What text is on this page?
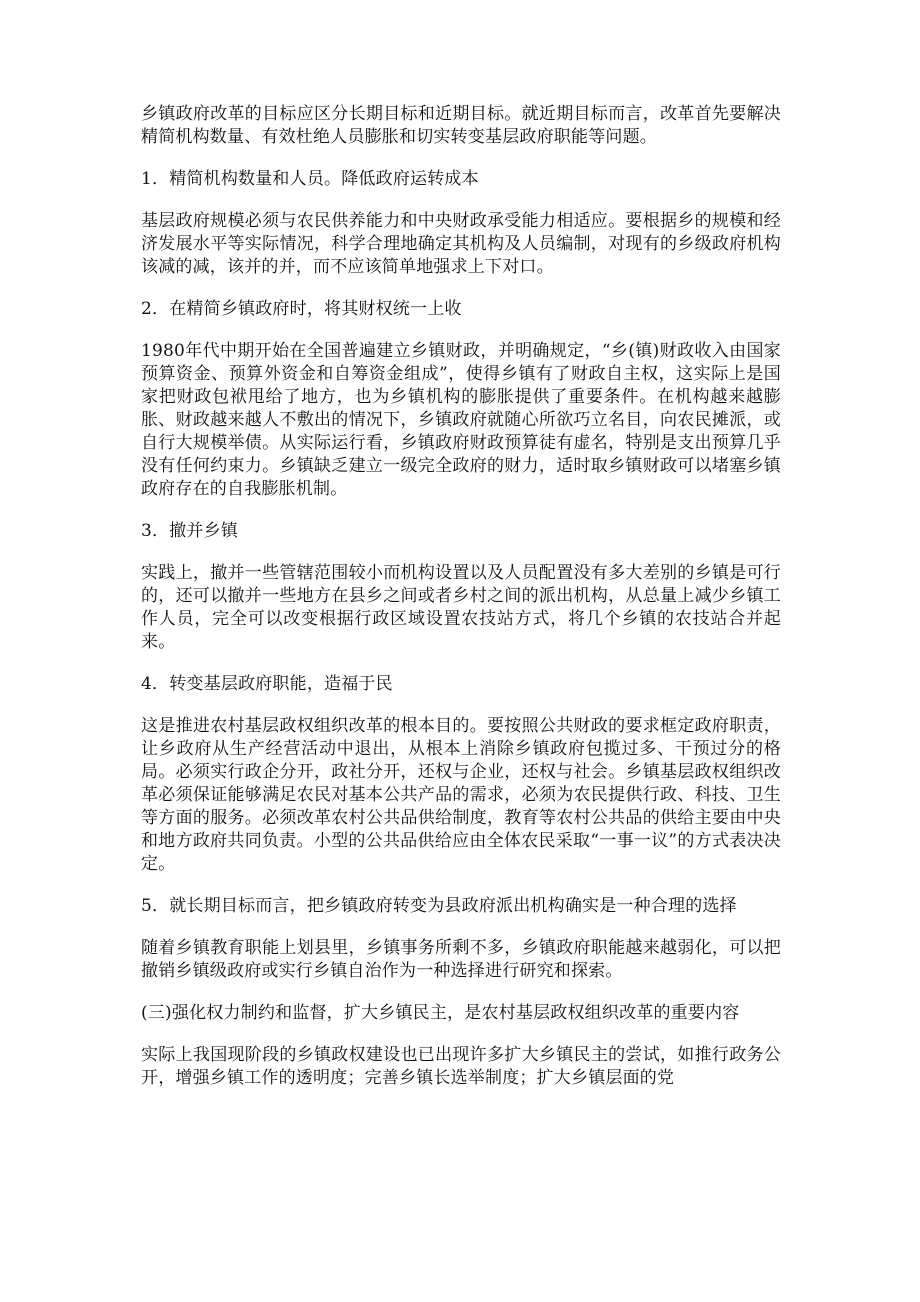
乡镇政府改革的目标应区分长期目标和近期目标。就近期目标而言，改革首先要解决精简机构数量、有效杜绝人员膨胀和切实转变基层政府职能等问题。

1．精简机构数量和人员。降低政府运转成本

基层政府规模必须与农民供养能力和中央财政承受能力相适应。要根据乡的规模和经济发展水平等实际情况，科学合理地确定其机构及人员编制，对现有的乡级政府机构该减的减，该并的并，而不应该简单地强求上下对口。

2．在精简乡镇政府时，将其财权统一上收

1980年代中期开始在全国普遍建立乡镇财政，并明确规定，“乡(镇)财政收入由国家预算资金、预算外资金和自筹资金组成”，使得乡镇有了财政自主权，这实际上是国家把财政包袱甩给了地方，也为乡镇机构的膨胀提供了重要条件。在机构越来越膨胀、财政越来越人不敷出的情况下，乡镇政府就随心所欲巧立名目，向农民摊派，或自行大规模举债。从实际运行看，乡镇政府财政预算徒有虚名，特别是支出预算几乎没有任何约束力。乡镇缺乏建立一级完全政府的财力，适时取乡镇财政可以堵塞乡镇政府存在的自我膨胀机制。

3．撤并乡镇

实践上，撤并一些管辖范围较小而机构设置以及人员配置没有多大差别的乡镇是可行的，还可以撤并一些地方在县乡之间或者乡村之间的派出机构，从总量上减少乡镇工作人员，完全可以改变根据行政区域设置农技站方式，将几个乡镇的农技站合并起来。

4．转变基层政府职能，造福于民

这是推进农村基层政权组织改革的根本目的。要按照公共财政的要求框定政府职责，让乡政府从生产经营活动中退出，从根本上消除乡镇政府包揽过多、干预过分的格局。必须实行政企分开，政社分开，还权与企业，还权与社会。乡镇基层政权组织改革必须保证能够满足农民对基本公共产品的需求，必须为农民提供行政、科技、卫生等方面的服务。必须改革农村公共品供给制度，教育等农村公共品的供给主要由中央和地方政府共同负责。小型的公共品供给应由全体农民采取“一事一议”的方式表决决定。

5．就长期目标而言，把乡镇政府转变为县政府派出机构确实是一种合理的选择

随着乡镇教育职能上划县里，乡镇事务所剩不多，乡镇政府职能越来越弱化，可以把撤销乡镇级政府或实行乡镇自治作为一种选择进行研究和探索。

(三)强化权力制约和监督，扩大乡镇民主，是农村基层政权组织改革的重要内容

实际上我国现阶段的乡镇政权建设也已出现许多扩大乡镇民主的尝试，如推行政务公开，增强乡镇工作的透明度；完善乡镇长选举制度；扩大乡镇层面的党
